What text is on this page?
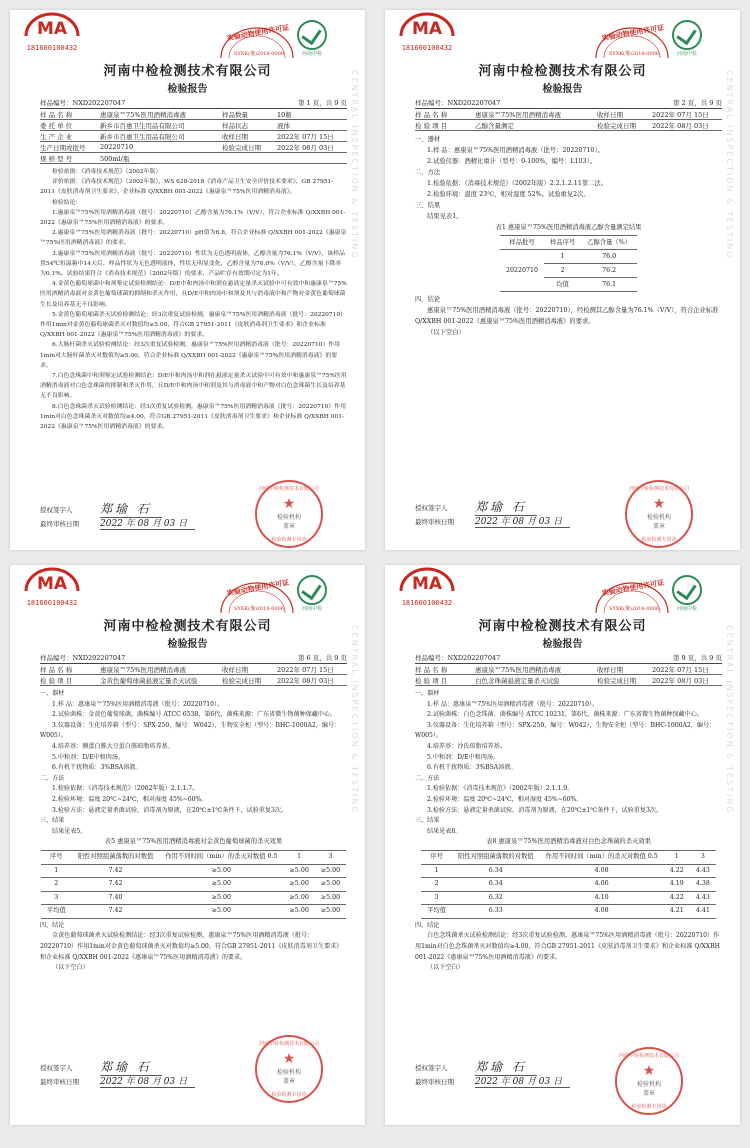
CENTRAL INSPECTION & TESTING
MA
181600100432
实验动物使用许可证
SYXK(豫)2018-0006	河南中检
河南中检检测技术有限公司
检验报告
样品编号：NXD202207047	第 1 页，共 9 页
样 品 名 称	惠康泉™75%医用酒精消毒液	样品数量	10瓶
委 托 单 位	新乡市百惠卫生用品有限公司	样品状态	液体
生 产 企 业	新乡市百惠卫生用品有限公司	收样日期	2022年 07月 15日
生产日期或批号	20220710	检验完成日期	2022年 08月 03日
规 格 型 号	500ml/瓶

检验依据：《消毒技术规范》（2002年版）

评价依据：《消毒技术规范》（2002年版）、WS 628-2018《消毒产品卫生安全评价技术要求》、GB 27951-2011《皮肤消毒剂卫生要求》、企业标准 Q/XXBH 001-2022《惠康泉™75%医用酒精消毒液》。

检验结论：

1.惠康泉™75%医用酒精消毒液（批号：20220710）乙醇含量为76.1%（V/V），符合企业标准 Q/XXBH 001-2022《惠康泉™75%医用酒精消毒液》的要求。

2.惠康泉™75%医用酒精消毒液（批号：20220710）pH值为6.8，符合企业标准 Q/XXBH 001-2022《惠康泉™75%医用酒精消毒液》的要求。

3.惠康泉™75%医用酒精消毒液（批号：20220710）性状为无色透明液体，乙醇含量为76.1%（V/V），该样品置54℃恒温箱中14天后，样品性状为无色透明液体，性状无明显变化，乙醇含量为76.0%（V/V），乙醇含量下降率为0.1%。试验结果符合《消毒技术规范》（2002年版）的要求，产品贮存有效期可定为1年。

4.金黄色葡萄球菌中和剂鉴定试验检测结论：D/E中和肉汤中和剂在悬液定量杀灭试验中可有效中和惠康泉™75%医用酒精消毒液对金黄色葡萄球菌的抑制和杀灭作用，且D/E中和肉汤中和剂及其与消毒液中和产物对金黄色葡萄球菌生长及培养基无不良影响。

5.金黄色葡萄球菌杀灭试验检测结论：经3次重复试验检测，惠康泉™75%医用酒精消毒液（批号：20220710）作用1min对金黄色葡萄球菌杀灭对数值均≥5.00，符合GB 27951-2011《皮肤消毒剂卫生要求》和企业标准 Q/XXBH 001-2022《惠康泉™75%医用酒精消毒液》的要求。

6.大肠杆菌杀灭试验检测结论：经3次重复试验检测，惠康泉™75%医用酒精消毒液（批号：20220710）作用1min对大肠杆菌杀灭对数值均≥5.00，符合企业标准 Q/XXBH 001-2022《惠康泉™75%医用酒精消毒液》的要求。

7.白色念珠菌中和剂鉴定试验检测结论：D/E中和肉汤中和剂在悬液定量杀灭试验中可有效中和惠康泉™75%医用酒精消毒液对白色念珠菌的抑制和杀灭作用，且D/E中和肉汤中和剂及其与消毒液中和产物对白色念珠菌生长及培养基无不良影响。

8.白色念珠菌杀灭试验检测结论：经3次重复试验检测，惠康泉™75%医用酒精消毒液（批号：20220710）作用1min对白色念珠菌杀灭对数值均≥4.00，符合GB 27951-2011《皮肤消毒剂卫生要求》和企业标准 Q/XXBH 001-2022《惠康泉™75%医用酒精消毒液》的要求。

授权签字人	郑瑜 石
最终审核日期	2022 年 08 月 03 日
河南中检检测技术有限公司
★
检验机构
盖章
检验检测专用章
CENTRAL INSPECTION & TESTING
MA
181600100432
实验动物使用许可证
SYXK(豫)2018-0006	河南中检
河南中检检测技术有限公司
检验报告
样品编号：NXD202207047	第 2 页，共 9 页
样 品 名 称	惠康泉™75%医用酒精消毒液	收样日期	2022年 07月 15日
检 验 项 目	乙醇含量测定	检验完成日期	2022年 08月 03日

一、器材

1.样 品：惠康泉™75%医用酒精消毒液（批号：20220710）。

2.试验仪器：酒精比重计（型号：0-100%，编号：L103）。

二、方法

1.检验依据：《消毒技术规范》（2002年版）2.2.1.2.11第二法。

2.检验环境：温度 23℃，相对湿度 52%。试验重复2次。

三、结果

结果见表1。

表1 惠康泉™75%医用酒精消毒液乙醇含量测定结果
样品批号	样品序号	乙醇含量（%）
20220710	1	76.0
	2	76.2
	均值	76.1

四、结论

惠康泉™75%医用酒精消毒液（批号：20220710），经检测其乙醇含量为76.1%（V/V），符合企业标准 Q/XXBH 001-2022《惠康泉™75%医用酒精消毒液》的要求。

（以下空白）

授权签字人	郑瑜 石
最终审核日期	2022 年 08 月 03 日
河南中检检测技术有限公司
★
检验机构
盖章
检验检测专用章
CENTRAL INSPECTION & TESTING
MA
181600100432
实验动物使用许可证
SYXK(豫)2018-0006	河南中检
河南中检检测技术有限公司
检验报告
样品编号：NXD202207047	第 6 页，共 9 页
样 品 名 称	惠康泉™75%医用酒精消毒液	收样日期	2022年 07月 15日
检 验 项 目	金黄色葡萄球菌悬液定量杀灭试验	检验完成日期	2022年 08月 03日

一、器材

1.样 品：惠康泉™75%医用酒精消毒液（批号：20220710）。

2.试验菌株：金黄色葡萄球菌，菌株编号 ATCC 6538，第6代，菌株来源：广东省微生物菌种保藏中心。

3.仪器设备：生化培养箱（型号：SPX-250，编号：W042），生物安全柜（型号：BHC-1000A2，编号：W005）。

4.培养基：胰蛋白胨大豆蛋白胨琼脂培养基。

5.中和剂：D/E中和肉汤。

6.有机干扰物质：3%BSA溶液。

二、方法

1.检验依据：《消毒技术规范》（2002年版）2.1.1.7。

2.检验环境：温度 20℃~24℃，相对湿度 45%~60%。

3.检验方法：悬液定量杀菌试验，消毒剂为原液，在20℃±1℃条件下，试验重复3次。

三、结果

结果见表5。

表5 惠康泉™75%医用酒精消毒液对金黄色葡萄球菌的杀灭效果
序号	阳性对照组菌落数的对数值	作用不同时间（min）的杀灭对数值 0.5	1	3
1	7.42	≥5.00	≥5.00	≥5.00
2	7.42	≥5.00	≥5.00	≥5.00
3	7.40	≥5.00	≥5.00	≥5.00
平均值	7.42	≥5.00	≥5.00	≥5.00

四、结论

金黄色葡萄球菌杀灭试验检测结论：经3次重复试验检测，惠康泉™75%医用酒精消毒液（批号：20220710）作用1min对金黄色葡萄球菌杀灭对数值均≥5.00，符合GB 27951-2011《皮肤消毒剂卫生要求》和企业标准 Q/XXBH 001-2022《惠康泉™75%医用酒精消毒液》的要求。

（以下空白）

授权签字人	郑瑜 石
最终审核日期	2022 年 08 月 03 日
河南中检检测技术有限公司
★
检验机构
盖章
检验检测专用章
CENTRAL INSPECTION & TESTING
MA
181600100432
实验动物使用许可证
SYXK(豫)2018-0006	河南中检
河南中检检测技术有限公司
检验报告
样品编号：NXD202207047	第 9 页，共 9 页
样 品 名 称	惠康泉™75%医用酒精消毒液	收样日期	2022年 07月 15日
检 验 项 目	白色念珠菌悬液定量杀灭试验	检验完成日期	2022年 08月 03日

一、器材

1.样 品：惠康泉™75%医用酒精消毒液（批号：20220710）。

2.试验菌株：白色念珠菌，菌株编号 ATCC 10231，第6代，菌株来源：广东省微生物菌种保藏中心。

3.仪器设备：生化培养箱（型号：SPX-250，编号：W042），生物安全柜（型号：BHC-1000A2，编号：W005）。

4.培养基：沙氏琼脂培养基。

5.中和剂：D/E中和肉汤。

6.有机干扰物质：3%BSA溶液。

二、方法

1.检验依据：《消毒技术规范》（2002年版）2.1.1.9。

2.检验环境：温度 20℃~24℃，相对湿度 45%~60%。

3.检验方法：悬液定量杀菌试验，消毒剂为原液，在20℃±1℃条件下，试验重复3次。

三、结果

结果见表8。

表8 惠康泉™75%医用酒精消毒液对白色念珠菌的杀灭效果
序号	阳性对照组菌落数的对数值	作用不同时间（min）的杀灭对数值 0.5	1	3
1	6.34	4.08	4.22	4.43
2	6.34	4.06	4.19	4.38
3	6.32	4.10	4.22	4.43
平均值	6.33	4.08	4.21	4.41

四、结论

白色念珠菌杀灭试验检测结论：经3次重复试验检测，惠康泉™75%医用酒精消毒液（批号：20220710）作用1min对白色念珠菌杀灭对数值均≥4.00，符合GB 27951-2011《皮肤消毒剂卫生要求》和企业标准 Q/XXBH 001-2022《惠康泉™75%医用酒精消毒液》的要求。

（以下空白）

授权签字人	郑瑜 石
最终审核日期	2022 年 08 月 03 日
河南中检检测技术有限公司
★
检验机构
盖章
检验检测专用章
